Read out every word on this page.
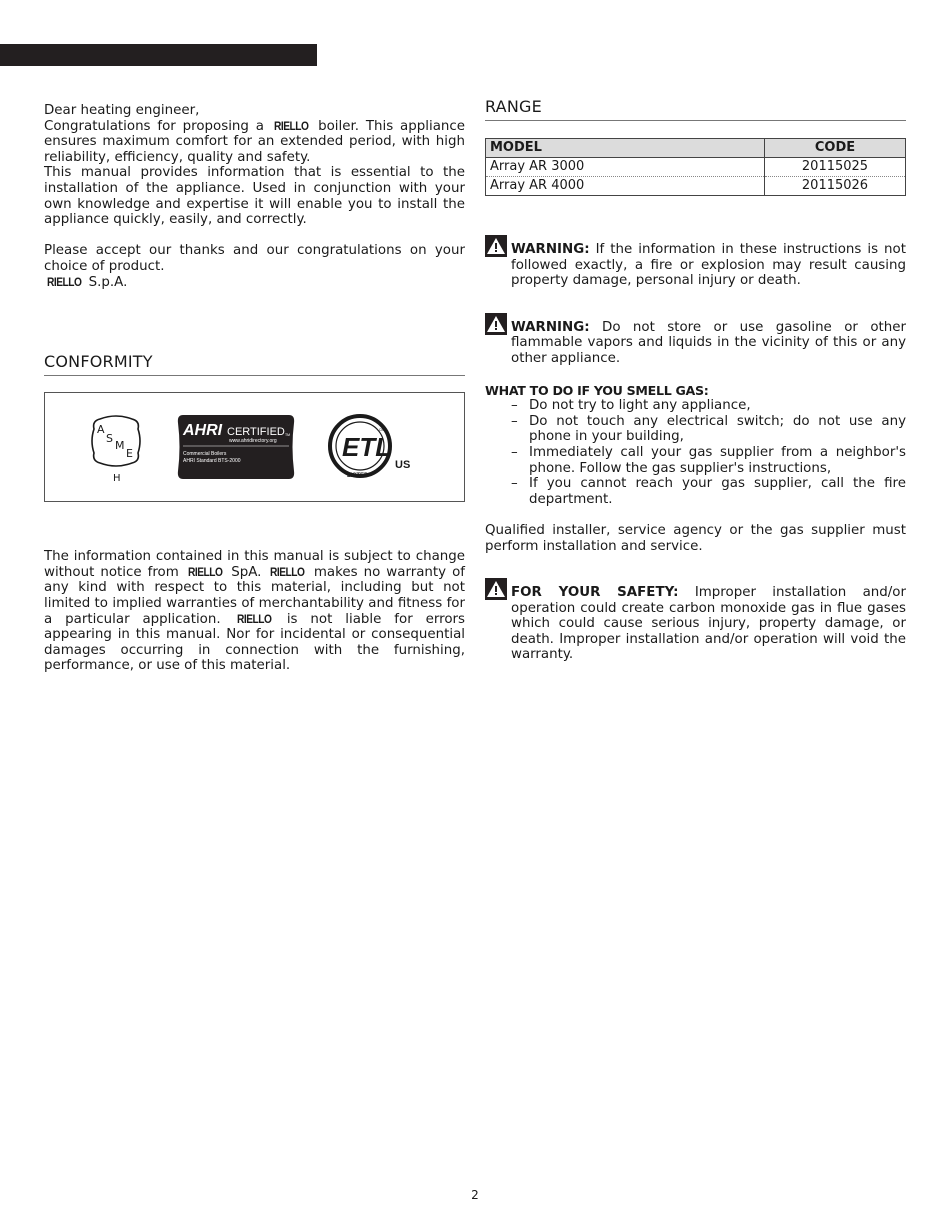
Dear heating engineer,

Congratulations for proposing a RIELLO boiler. This appliance ensures maximum comfort for an extended period, with high reliability, efficiency, quality and safety.

This manual provides information that is essential to the installation of the appliance. Used in conjunction with your own knowledge and expertise it will enable you to install the appliance quickly, easily, and correctly.

Please accept our thanks and our congratulations on your choice of product.

RIELLO S.p.A.

CONFORMITY
A
S
M
E
H
AHRI CERTIFIED TM
www.ahridirectory.org
Commercial Boilers
AHRI Standard BTS-2000	ETL
LISTED
US
CM

The information contained in this manual is subject to change without notice from RIELLO SpA. RIELLO makes no warranty of any kind with respect to this material, including but not limited to implied warranties of merchantability and fitness for a particular application. RIELLO is not liable for errors appearing in this manual. Nor for incidental or consequential damages occurring in connection with the furnishing, performance, or use of this material.

RANGE
MODEL	CODE
Array AR 3000	20115025
Array AR 4000	20115026

WARNING: If the information in these instructions is not followed exactly, a fire or explosion may result causing property damage, personal injury or death.

WARNING: Do not store or use gasoline or other flammable vapors and liquids in the vicinity of this or any other appliance.

WHAT TO DO IF YOU SMELL GAS:
– Do not try to light any appliance,
– Do not touch any electrical switch; do not use any phone in your building,
– Immediately call your gas supplier from a neighbor's phone. Follow the gas supplier's instructions,
– If you cannot reach your gas supplier, call the fire department.

Qualified installer, service agency or the gas supplier must perform installation and service.

FOR YOUR SAFETY: Improper installation and/or operation could create carbon monoxide gas in flue gases which could cause serious injury, property damage, or death. Improper installation and/or operation will void the warranty.

2
